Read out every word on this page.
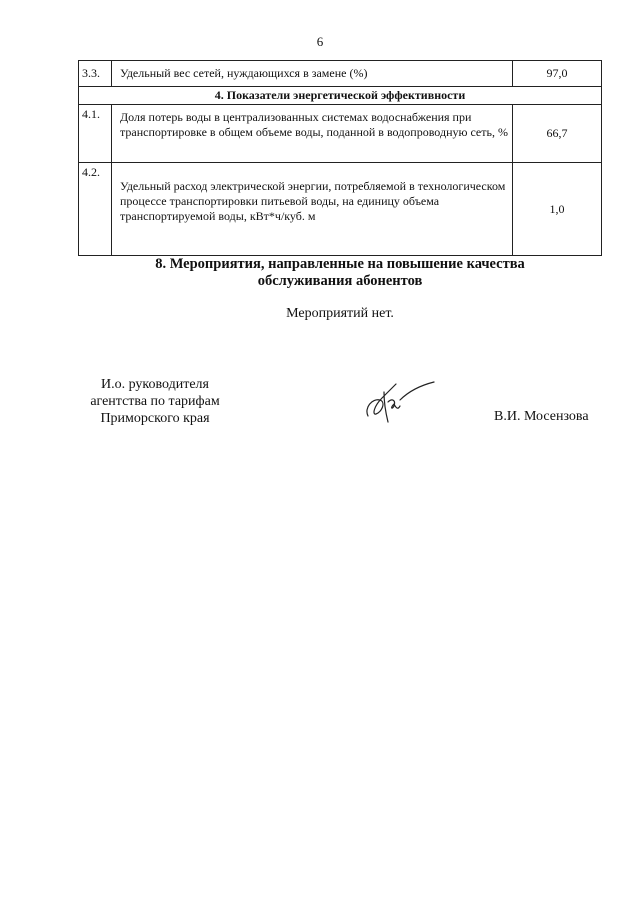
6
3.3.	Удельный вес сетей, нуждающихся в замене (%)	97,0
4. Показатели энергетической эффективности		
4.1.	Доля потерь воды в централизованных системах водоснабжения при транспортировке в общем объеме воды, поданной в водопроводную сеть, %	66,7
4.2.	Удельный расход электрической энергии, потребляемой в технологическом процессе транспортировки питьевой воды, на единицу объема транспортируемой воды, кВт*ч/куб. м	1,0
8. Мероприятия, направленные на повышение качества
обслуживания абонентов
Мероприятий нет.
И.о. руководителя
агентства по тарифам
Приморского края	В.И. Мосензова
